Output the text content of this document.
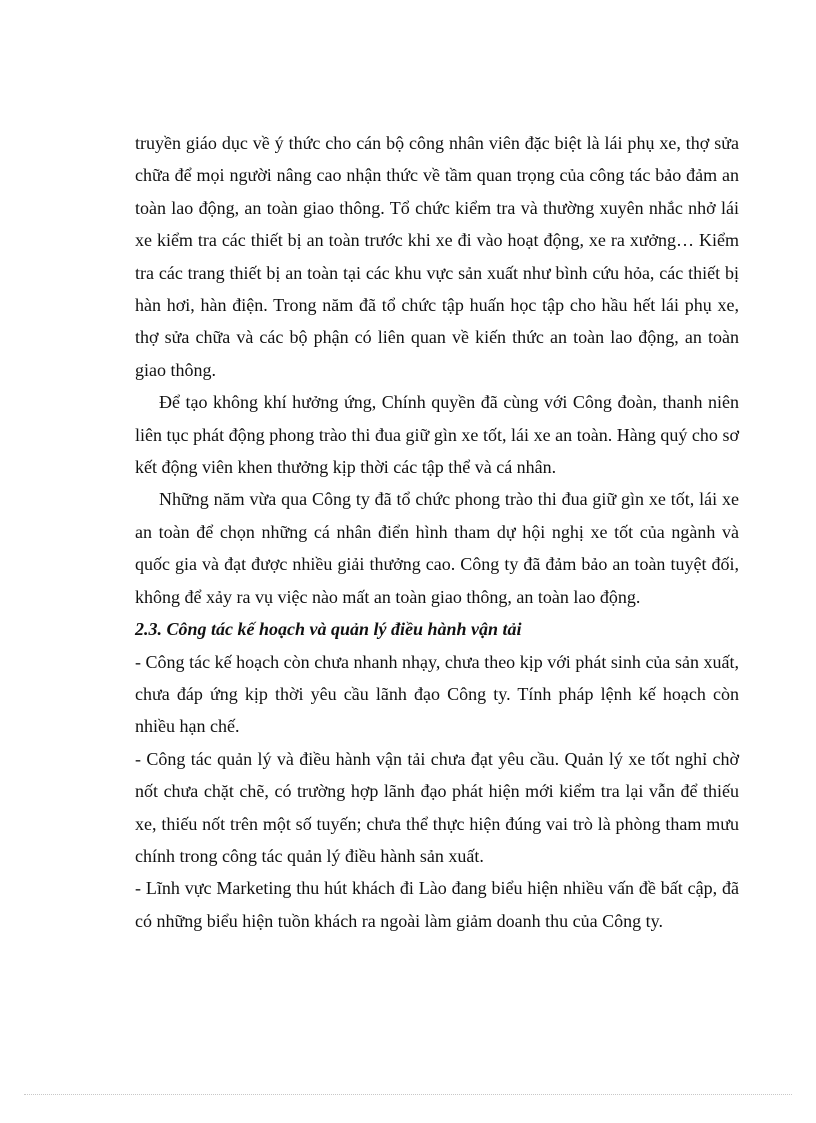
truyền giáo dục về ý thức cho cán bộ công nhân viên đặc biệt là lái phụ xe, thợ sửa chữa để mọi người nâng cao nhận thức về tầm quan trọng của công tác bảo đảm an toàn lao động, an toàn giao thông. Tổ chức kiểm tra và thường xuyên nhắc nhở lái xe kiểm tra các thiết bị an toàn trước khi xe đi vào hoạt động, xe ra xưởng… Kiểm tra các trang thiết bị an toàn tại các khu vực sản xuất như bình cứu hỏa, các thiết bị hàn hơi, hàn điện. Trong năm đã tổ chức tập huấn học tập cho hầu hết lái phụ xe, thợ sửa chữa và các bộ phận có liên quan về kiến thức an toàn lao động, an toàn giao thông.

Để tạo không khí hưởng ứng, Chính quyền đã cùng với Công đoàn, thanh niên liên tục phát động phong trào thi đua giữ gìn xe tốt, lái xe an toàn. Hàng quý cho sơ kết động viên khen thưởng kịp thời các tập thể và cá nhân.

Những năm vừa qua Công ty đã tổ chức phong trào thi đua giữ gìn xe tốt, lái xe an toàn để chọn những cá nhân điển hình tham dự hội nghị xe tốt của ngành và quốc gia và đạt được nhiều giải thưởng cao. Công ty đã đảm bảo an toàn tuyệt đối, không để xảy ra vụ việc nào mất an toàn giao thông, an toàn lao động.

2.3. Công tác kế hoạch và quản lý điều hành vận tải

- Công tác kế hoạch còn chưa nhanh nhạy, chưa theo kịp với phát sinh của sản xuất, chưa đáp ứng kịp thời yêu cầu lãnh đạo Công ty. Tính pháp lệnh kế hoạch còn nhiều hạn chế.

- Công tác quản lý và điều hành vận tải chưa đạt yêu cầu. Quản lý xe tốt nghỉ chờ nốt chưa chặt chẽ, có trường hợp lãnh đạo phát hiện mới kiểm tra lại vẫn để thiếu xe, thiếu nốt trên một số tuyến; chưa thể thực hiện đúng vai trò là phòng tham mưu chính trong công tác quản lý điều hành sản xuất.

- Lĩnh vực Marketing thu hút khách đi Lào đang biểu hiện nhiều vấn đề bất cập, đã có những biểu hiện tuồn khách ra ngoài làm giảm doanh thu của Công ty.
